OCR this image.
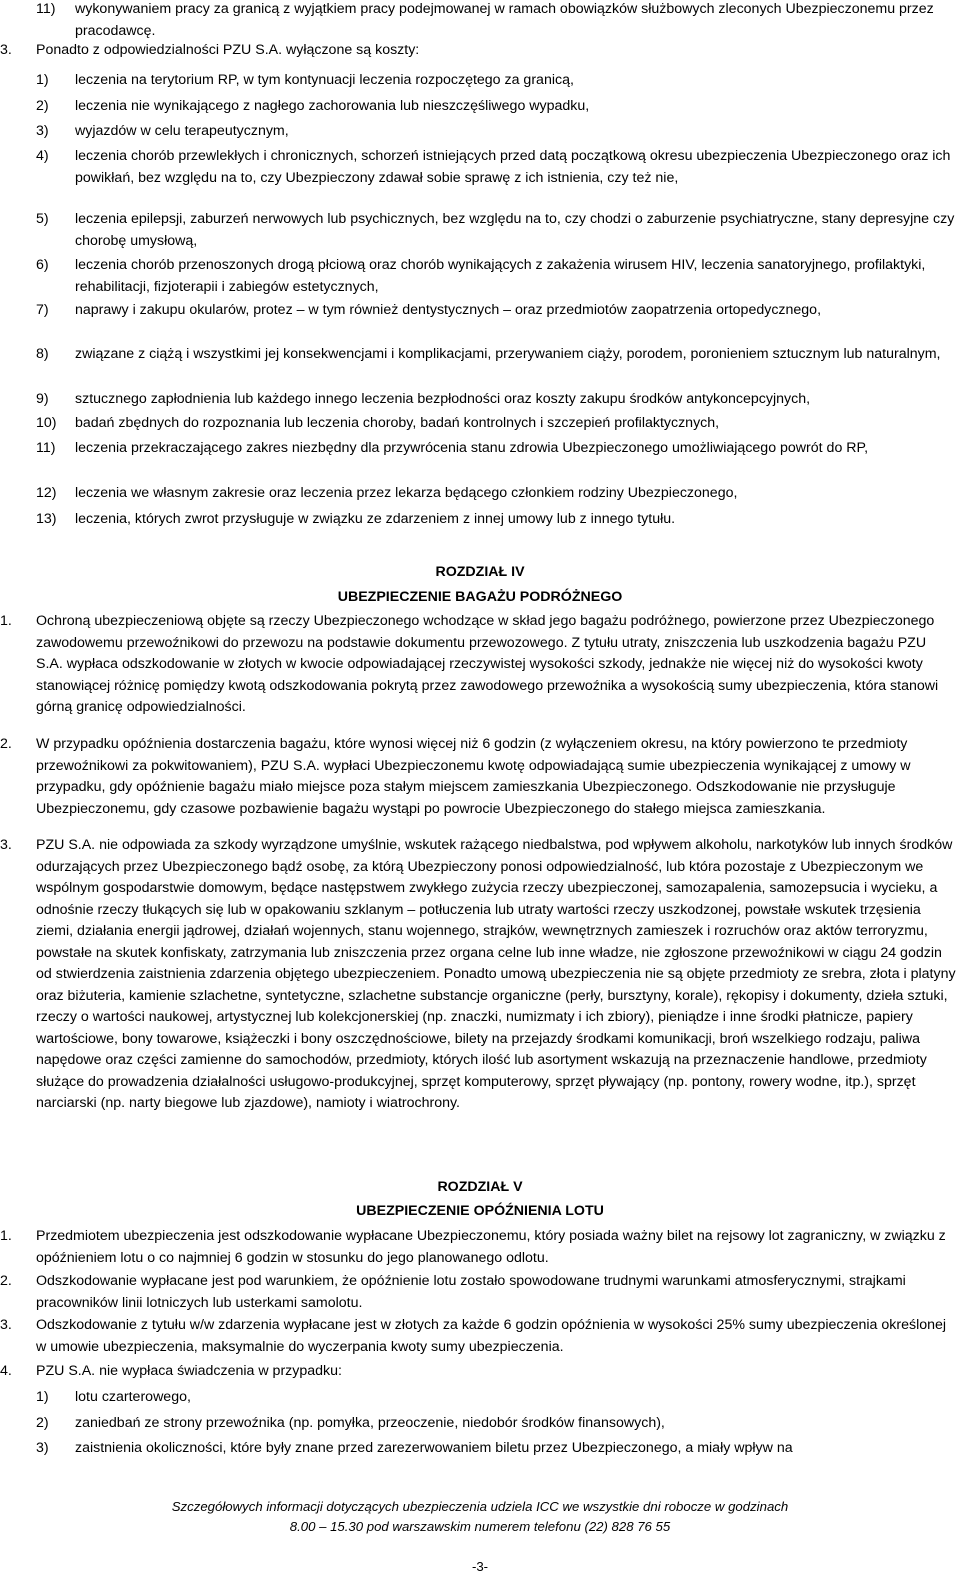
11) wykonywaniem pracy za granicą z wyjątkiem pracy podejmowanej w ramach obowiązków służbowych zleconych Ubezpieczonemu przez pracodawcę.
3. Ponadto z odpowiedzialności PZU S.A. wyłączone są koszty:
1) leczenia na terytorium RP, w tym kontynuacji leczenia rozpoczętego za granicą,
2) leczenia nie wynikającego z nagłego zachorowania lub nieszczęśliwego wypadku,
3) wyjazdów w celu terapeutycznym,
4) leczenia chorób przewlekłych i chronicznych, schorzeń istniejących przed datą początkową okresu ubezpieczenia Ubezpieczonego oraz ich powikłań, bez względu na to, czy Ubezpieczony zdawał sobie sprawę z ich istnienia, czy też nie,
5) leczenia epilepsji, zaburzeń nerwowych lub psychicznych, bez względu na to, czy chodzi o zaburzenie psychiatryczne, stany depresyjne czy chorobę umysłową,
6) leczenia chorób przenoszonych drogą płciową oraz chorób wynikających z zakażenia wirusem HIV, leczenia sanatoryjnego, profilaktyki, rehabilitacji, fizjoterapii i zabiegów estetycznych,
7) naprawy i zakupu okularów, protez – w tym również dentystycznych – oraz przedmiotów zaopatrzenia ortopedycznego,
8) związane z ciążą i wszystkimi jej konsekwencjami i komplikacjami, przerywaniem ciąży, porodem, poronieniem sztucznym lub naturalnym,
9) sztucznego zapłodnienia lub każdego innego leczenia bezpłodności oraz koszty zakupu środków antykoncepcyjnych,
10) badań zbędnych do rozpoznania lub leczenia choroby, badań kontrolnych i szczepień profilaktycznych,
11) leczenia przekraczającego zakres niezbędny dla przywrócenia stanu zdrowia Ubezpieczonego umożliwiającego powrót do RP,
12) leczenia we własnym zakresie oraz leczenia przez lekarza będącego członkiem rodziny Ubezpieczonego,
13) leczenia, których zwrot przysługuje w związku ze zdarzeniem z innej umowy lub z innego tytułu.
ROZDZIAŁ IV
UBEZPIECZENIE BAGAŻU PODRÓŻNEGO
1. Ochroną ubezpieczeniową objęte są rzeczy Ubezpieczonego wchodzące w skład jego bagażu podróżnego, powierzone przez Ubezpieczonego zawodowemu przewoźnikowi do przewozu na podstawie dokumentu przewozowego. Z tytułu utraty, zniszczenia lub uszkodzenia bagażu PZU S.A. wypłaca odszkodowanie w złotych w kwocie odpowiadającej rzeczywistej wysokości szkody, jednakże nie więcej niż do wysokości kwoty stanowiącej różnicę pomiędzy kwotą odszkodowania pokrytą przez zawodowego przewoźnika a wysokością sumy ubezpieczenia, która stanowi górną granicę odpowiedzialności.
2. W przypadku opóźnienia dostarczenia bagażu, które wynosi więcej niż 6 godzin (z wyłączeniem okresu, na który powierzono te przedmioty przewoźnikowi za pokwitowaniem), PZU S.A. wypłaci Ubezpieczonemu kwotę odpowiadającą sumie ubezpieczenia wynikającej z umowy w przypadku, gdy opóźnienie bagażu miało miejsce poza stałym miejscem zamieszkania Ubezpieczonego. Odszkodowanie nie przysługuje Ubezpieczonemu, gdy czasowe pozbawienie bagażu wystąpi po powrocie Ubezpieczonego do stałego miejsca zamieszkania.
3. PZU S.A. nie odpowiada za szkody wyrządzone umyślnie, wskutek rażącego niedbalstwa, pod wpływem alkoholu, narkotyków lub innych środków odurzających przez Ubezpieczonego bądź osobę, za którą Ubezpieczony ponosi odpowiedzialność, lub która pozostaje z Ubezpieczonym we wspólnym gospodarstwie domowym, będące następstwem zwykłego zużycia rzeczy ubezpieczonej, samozapalenia, samozepsucia i wycieku, a odnośnie rzeczy tłukących się lub w opakowaniu szklanym – potłuczenia lub utraty wartości rzeczy uszkodzonej, powstałe wskutek trzęsienia ziemi, działania energii jądrowej, działań wojennych, stanu wojennego, strajków, wewnętrznych zamieszek i rozruchów oraz aktów terroryzmu, powstałe na skutek konfiskaty, zatrzymania lub zniszczenia przez organa celne lub inne władze, nie zgłoszone przewoźnikowi w ciągu 24 godzin od stwierdzenia zaistnienia zdarzenia objętego ubezpieczeniem. Ponadto umową ubezpieczenia nie są objęte przedmioty ze srebra, złota i platyny oraz biżuteria, kamienie szlachetne, syntetyczne, szlachetne substancje organiczne (perły, bursztyny, korale), rękopisy i dokumenty, dzieła sztuki, rzeczy o wartości naukowej, artystycznej lub kolekcjonerskiej (np. znaczki, numizmaty i ich zbiory), pieniądze i inne środki płatnicze, papiery wartościowe, bony towarowe, książeczki i bony oszczędnościowe, bilety na przejazdy środkami komunikacji, broń wszelkiego rodzaju, paliwa napędowe oraz części zamienne do samochodów, przedmioty, których ilość lub asortyment wskazują na przeznaczenie handlowe, przedmioty służące do prowadzenia działalności usługowo-produkcyjnej, sprzęt komputerowy, sprzęt pływający (np. pontony, rowery wodne, itp.), sprzęt narciarski (np. narty biegowe lub zjazdowe), namioty i wiatrochrony.
ROZDZIAŁ V
UBEZPIECZENIE OPÓŹNIENIA LOTU
1. Przedmiotem ubezpieczenia jest odszkodowanie wypłacane Ubezpieczonemu, który posiada ważny bilet na rejsowy lot zagraniczny, w związku z opóźnieniem lotu o co najmniej 6 godzin w stosunku do jego planowanego odlotu.
2. Odszkodowanie wypłacane jest pod warunkiem, że opóźnienie lotu zostało spowodowane trudnymi warunkami atmosferycznymi, strajkami pracowników linii lotniczych lub usterkami samolotu.
3. Odszkodowanie z tytułu w/w zdarzenia wypłacane jest w złotych za każde 6 godzin opóźnienia w wysokości 25% sumy ubezpieczenia określonej w umowie ubezpieczenia, maksymalnie do wyczerpania kwoty sumy ubezpieczenia.
4. PZU S.A. nie wypłaca świadczenia w przypadku:
1) lotu czarterowego,
2) zaniedbań ze strony przewoźnika (np. pomyłka, przeoczenie, niedobór środków finansowych),
3) zaistnienia okoliczności, które były znane przed zarezerwowaniem biletu przez Ubezpieczonego, a miały wpływ na
Szczegółowych informacji dotyczących ubezpieczenia udziela ICC we wszystkie dni robocze w godzinach
8.00 – 15.30 pod warszawskim numerem telefonu (22) 828 76 55
-3-
